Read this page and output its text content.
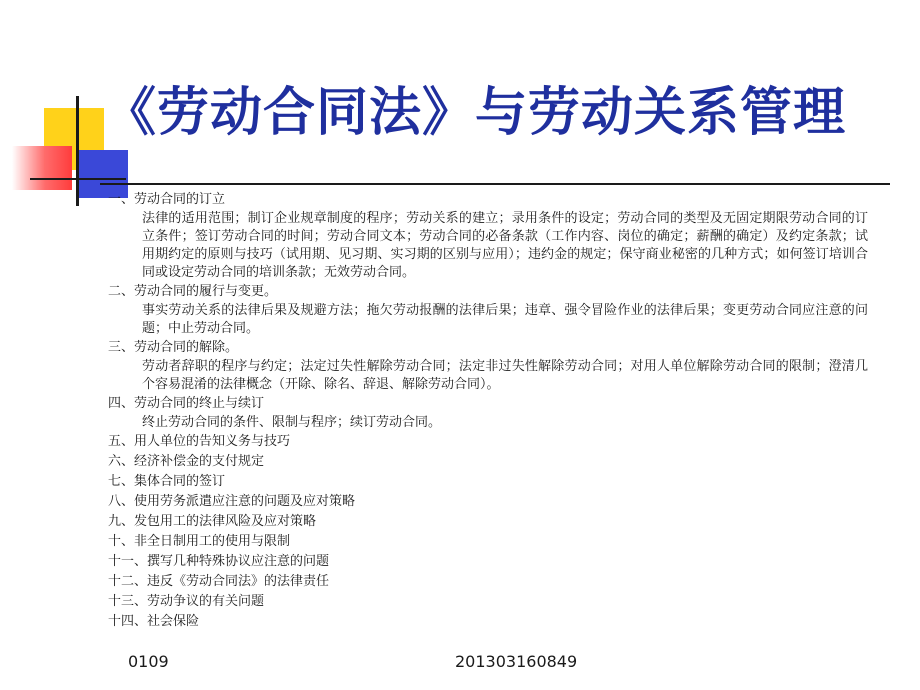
《劳动合同法》与劳动关系管理
一、劳动合同的订立
法律的适用范围；制订企业规章制度的程序；劳动关系的建立；录用条件的设定；劳动合同的类型及无固定期限劳动合同的订立条件；签订劳动合同的时间；劳动合同文本；劳动合同的必备条款（工作内容、岗位的确定；薪酬的确定）及约定条款；试用期约定的原则与技巧（试用期、见习期、实习期的区别与应用）；违约金的规定；保守商业秘密的几种方式；如何签订培训合同或设定劳动合同的培训条款；无效劳动合同。
二、劳动合同的履行与变更。
事实劳动关系的法律后果及规避方法；拖欠劳动报酬的法律后果；违章、强令冒险作业的法律后果；变更劳动合同应注意的问题；中止劳动合同。
三、劳动合同的解除。
劳动者辞职的程序与约定；法定过失性解除劳动合同；法定非过失性解除劳动合同；对用人单位解除劳动合同的限制；澄清几个容易混淆的法律概念（开除、除名、辞退、解除劳动合同）。
四、劳动合同的终止与续订
终止劳动合同的条件、限制与程序；续订劳动合同。
五、用人单位的告知义务与技巧
六、经济补偿金的支付规定
七、集体合同的签订
八、使用劳务派遣应注意的问题及应对策略
九、发包用工的法律风险及应对策略
十、非全日制用工的使用与限制
十一、撰写几种特殊协议应注意的问题
十二、违反《劳动合同法》的法律责任
十三、劳动争议的有关问题
十四、社会保险
0109	201303160849
